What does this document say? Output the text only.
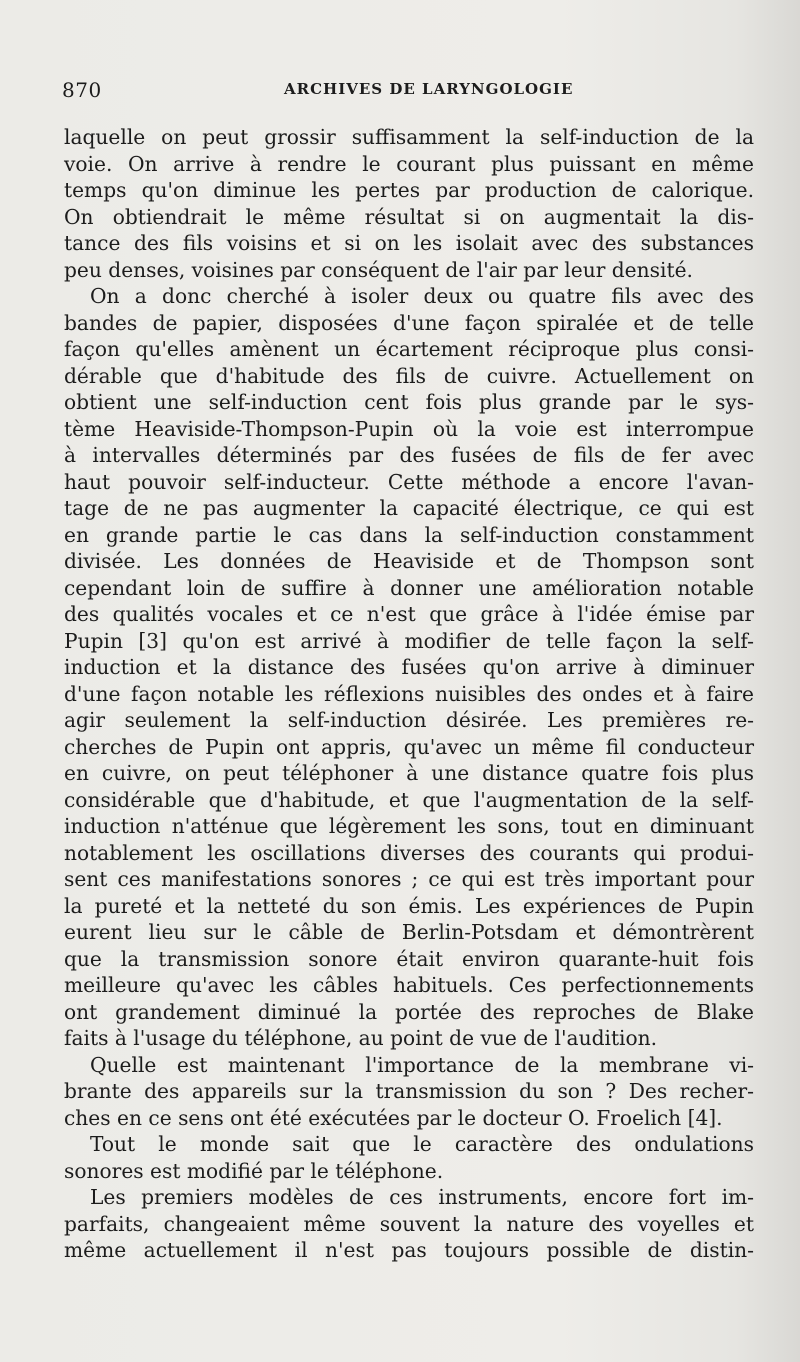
870	ARCHIVES DE LARYNGOLOGIE
laquelle on peut grossir suffisamment la self-induction de la
voie. On arrive à rendre le courant plus puissant en même
temps qu'on diminue les pertes par production de calorique.
On obtiendrait le même résultat si on augmentait la dis-
tance des fils voisins et si on les isolait avec des substances
peu denses, voisines par conséquent de l'air par leur densité.
On a donc cherché à isoler deux ou quatre fils avec des
bandes de papier, disposées d'une façon spiralée et de telle
façon qu'elles amènent un écartement réciproque plus consi-
dérable que d'habitude des fils de cuivre. Actuellement on
obtient une self-induction cent fois plus grande par le sys-
tème Heaviside-Thompson-Pupin où la voie est interrompue
à intervalles déterminés par des fusées de fils de fer avec
haut pouvoir self-inducteur. Cette méthode a encore l'avan-
tage de ne pas augmenter la capacité électrique, ce qui est
en grande partie le cas dans la self-induction constamment
divisée. Les données de Heaviside et de Thompson sont
cependant loin de suffire à donner une amélioration notable
des qualités vocales et ce n'est que grâce à l'idée émise par
Pupin [3] qu'on est arrivé à modifier de telle façon la self-
induction et la distance des fusées qu'on arrive à diminuer
d'une façon notable les réflexions nuisibles des ondes et à faire
agir seulement la self-induction désirée. Les premières re-
cherches de Pupin ont appris, qu'avec un même fil conducteur
en cuivre, on peut téléphoner à une distance quatre fois plus
considérable que d'habitude, et que l'augmentation de la self-
induction n'atténue que légèrement les sons, tout en diminuant
notablement les oscillations diverses des courants qui produi-
sent ces manifestations sonores ; ce qui est très important pour
la pureté et la netteté du son émis. Les expériences de Pupin
eurent lieu sur le câble de Berlin-Potsdam et démontrèrent
que la transmission sonore était environ quarante-huit fois
meilleure qu'avec les câbles habituels. Ces perfectionnements
ont grandement diminué la portée des reproches de Blake
faits à l'usage du téléphone, au point de vue de l'audition.
Quelle est maintenant l'importance de la membrane vi-
brante des appareils sur la transmission du son ? Des recher-
ches en ce sens ont été exécutées par le docteur O. Froelich [4].
Tout le monde sait que le caractère des ondulations
sonores est modifié par le téléphone.
Les premiers modèles de ces instruments, encore fort im-
parfaits, changeaient même souvent la nature des voyelles et
même actuellement il n'est pas toujours possible de distin-
